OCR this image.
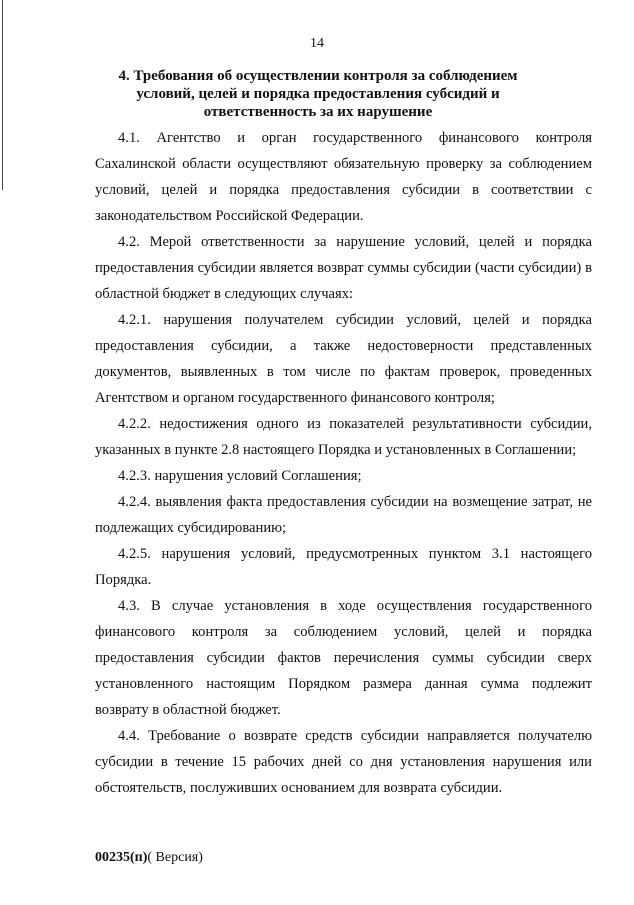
14
4. Требования об осуществлении контроля за соблюдением условий, целей и порядка предоставления субсидий и ответственность за их нарушение

4.1. Агентство и орган государственного финансового контроля Сахалинской области осуществляют обязательную проверку за соблюдением условий, целей и порядка предоставления субсидии в соответствии с законодательством Российской Федерации.

4.2. Мерой ответственности за нарушение условий, целей и порядка предоставления субсидии является возврат суммы субсидии (части субсидии) в областной бюджет в следующих случаях:

4.2.1. нарушения получателем субсидии условий, целей и порядка предоставления субсидии, а также недостоверности представленных документов, выявленных в том числе по фактам проверок, проведенных Агентством и органом государственного финансового контроля;

4.2.2. недостижения одного из показателей результативности субсидии, указанных в пункте 2.8 настоящего Порядка и установленных в Соглашении;

4.2.3. нарушения условий Соглашения;

4.2.4. выявления факта предоставления субсидии на возмещение затрат, не подлежащих субсидированию;

4.2.5. нарушения условий, предусмотренных пунктом 3.1 настоящего Порядка.

4.3. В случае установления в ходе осуществления государственного финансового контроля за соблюдением условий, целей и порядка предоставления субсидии фактов перечисления суммы субсидии сверх установленного настоящим Порядком размера данная сумма подлежит возврату в областной бюджет.

4.4. Требование о возврате средств субсидии направляется получателю субсидии в течение 15 рабочих дней со дня установления нарушения или обстоятельств, послуживших основанием для возврата субсидии.

00235(п)( Версия)
